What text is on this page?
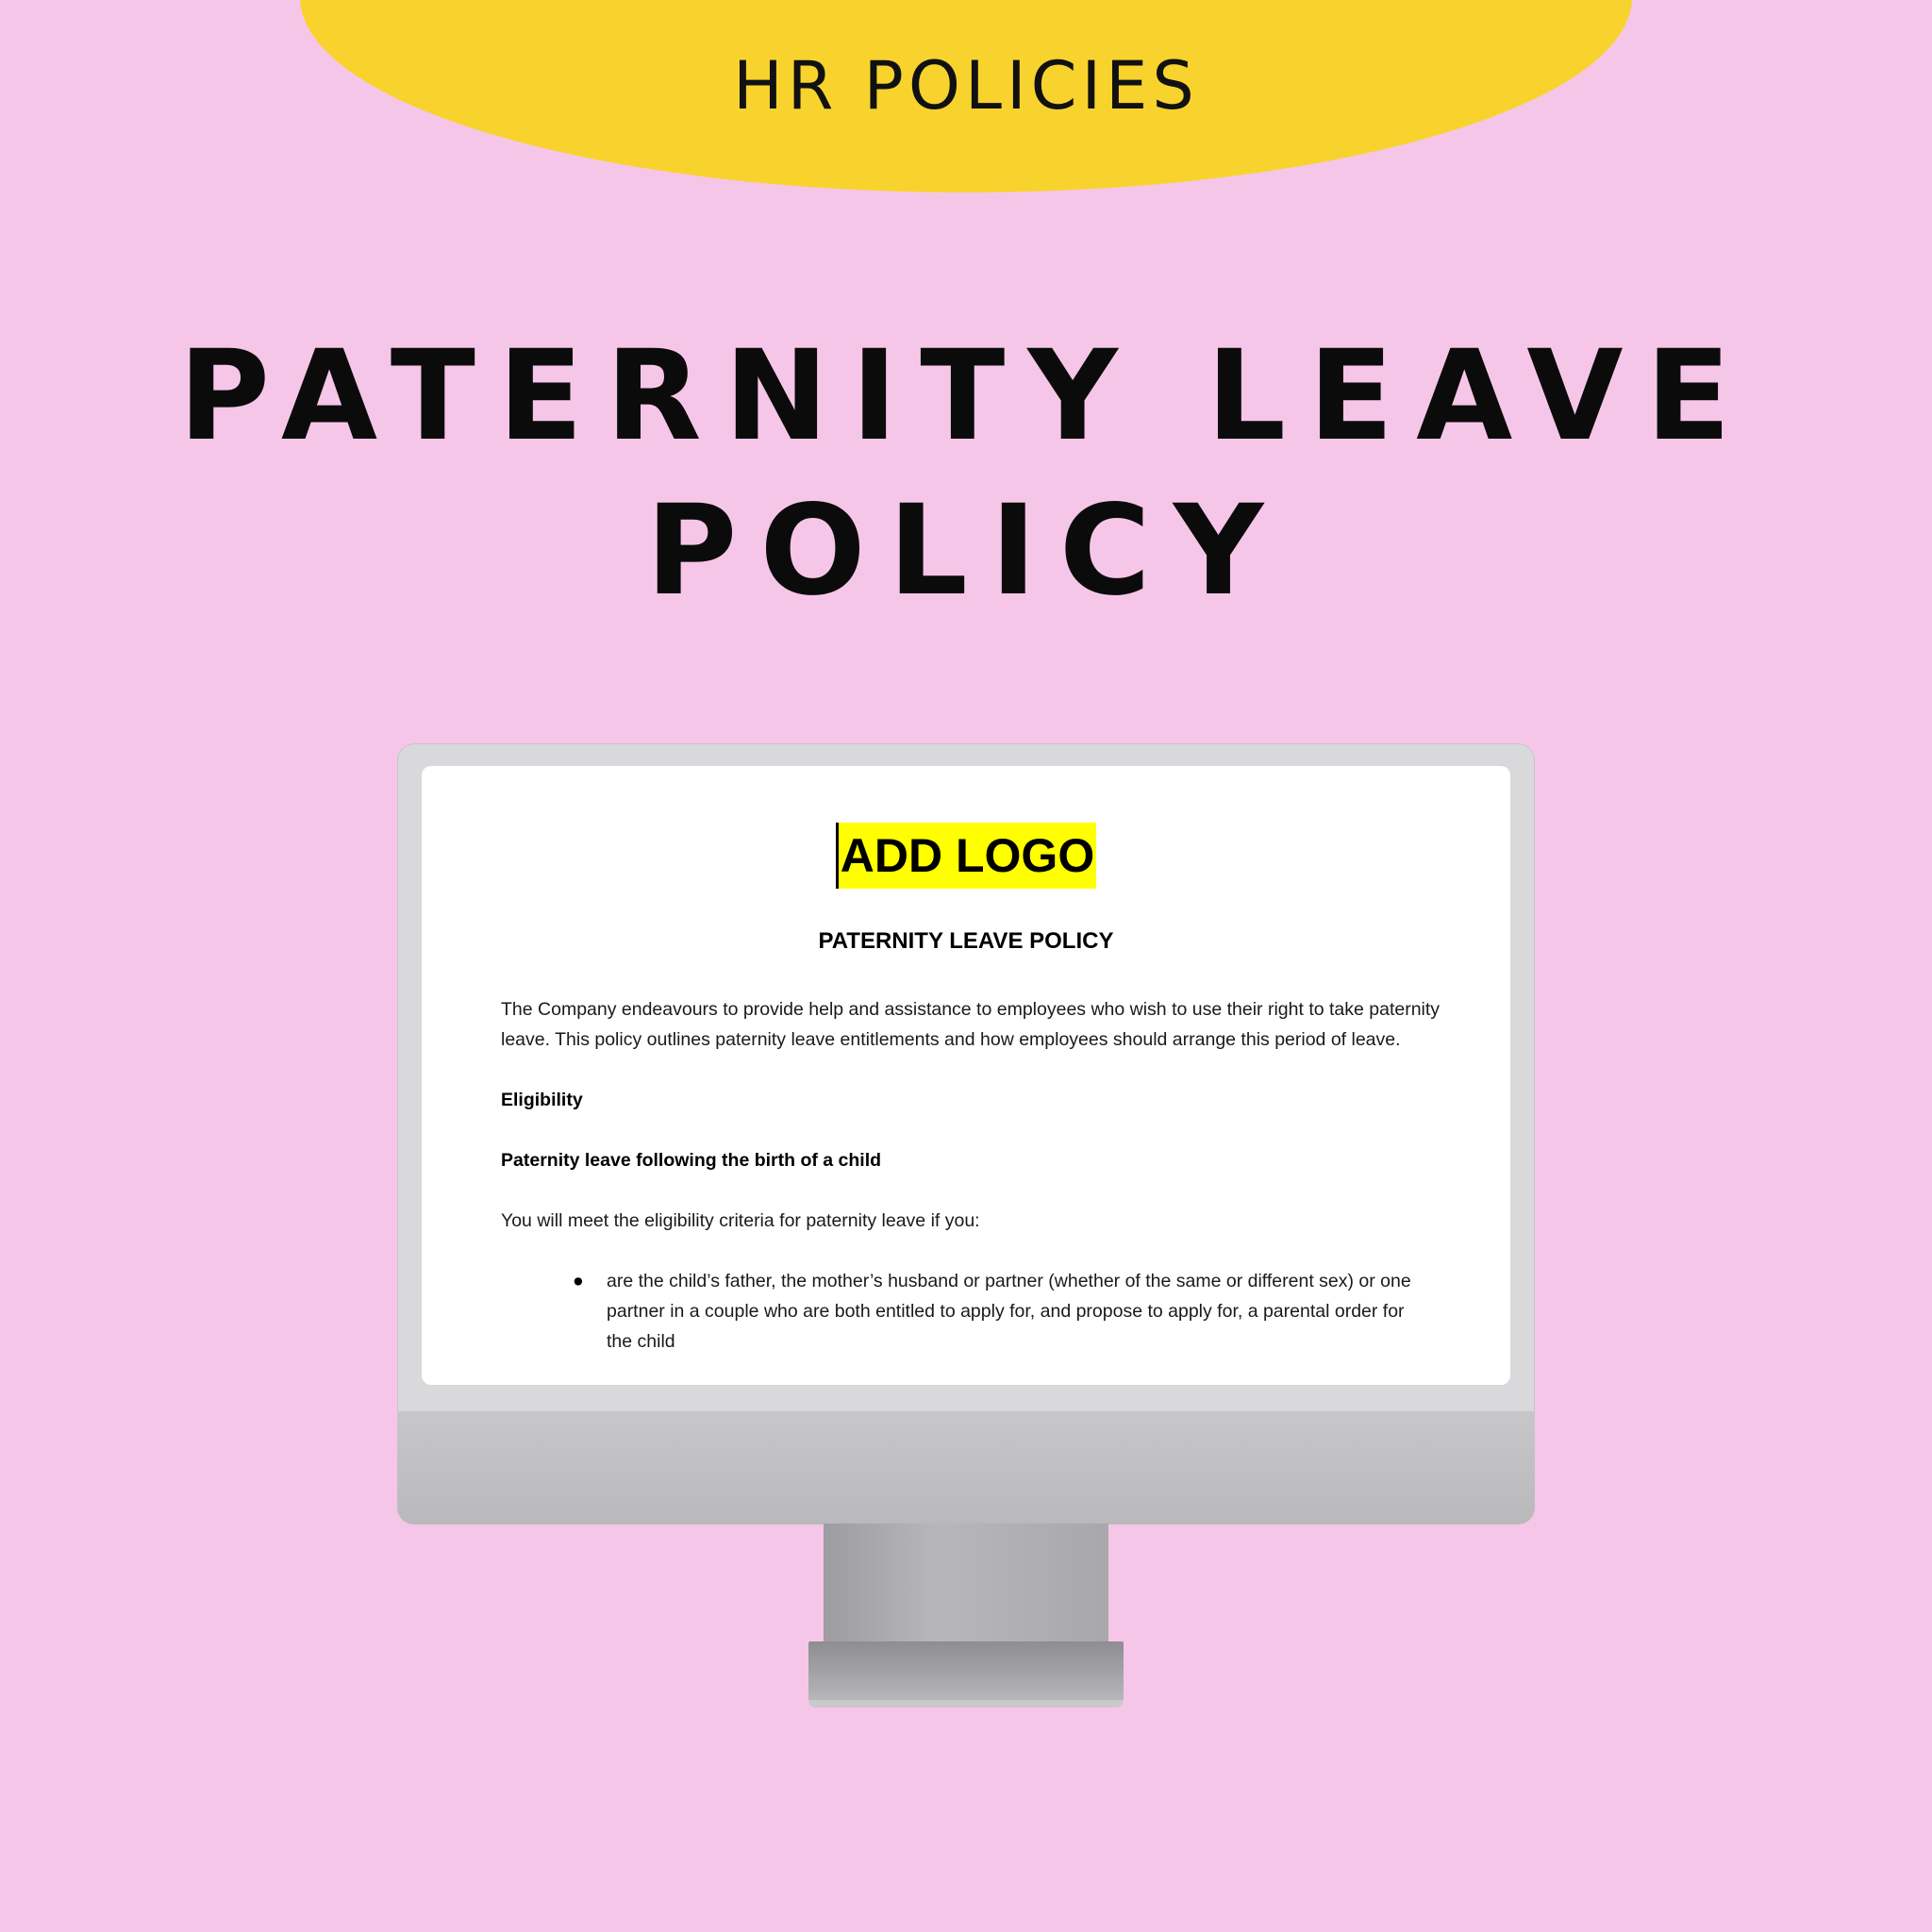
HR POLICIES
PATERNITY LEAVE
POLICY
ADD LOGO
PATERNITY LEAVE POLICY

The Company endeavours to provide help and assistance to employees who wish to use their right to take paternity leave. This policy outlines paternity leave entitlements and how employees should arrange this period of leave.

Eligibility

Paternity leave following the birth of a child

You will meet the eligibility criteria for paternity leave if you:

● are the child’s father, the mother’s husband or partner (whether of the same or different sex) or one partner in a couple who are both entitled to apply for, and propose to apply for, a parental order for the child
